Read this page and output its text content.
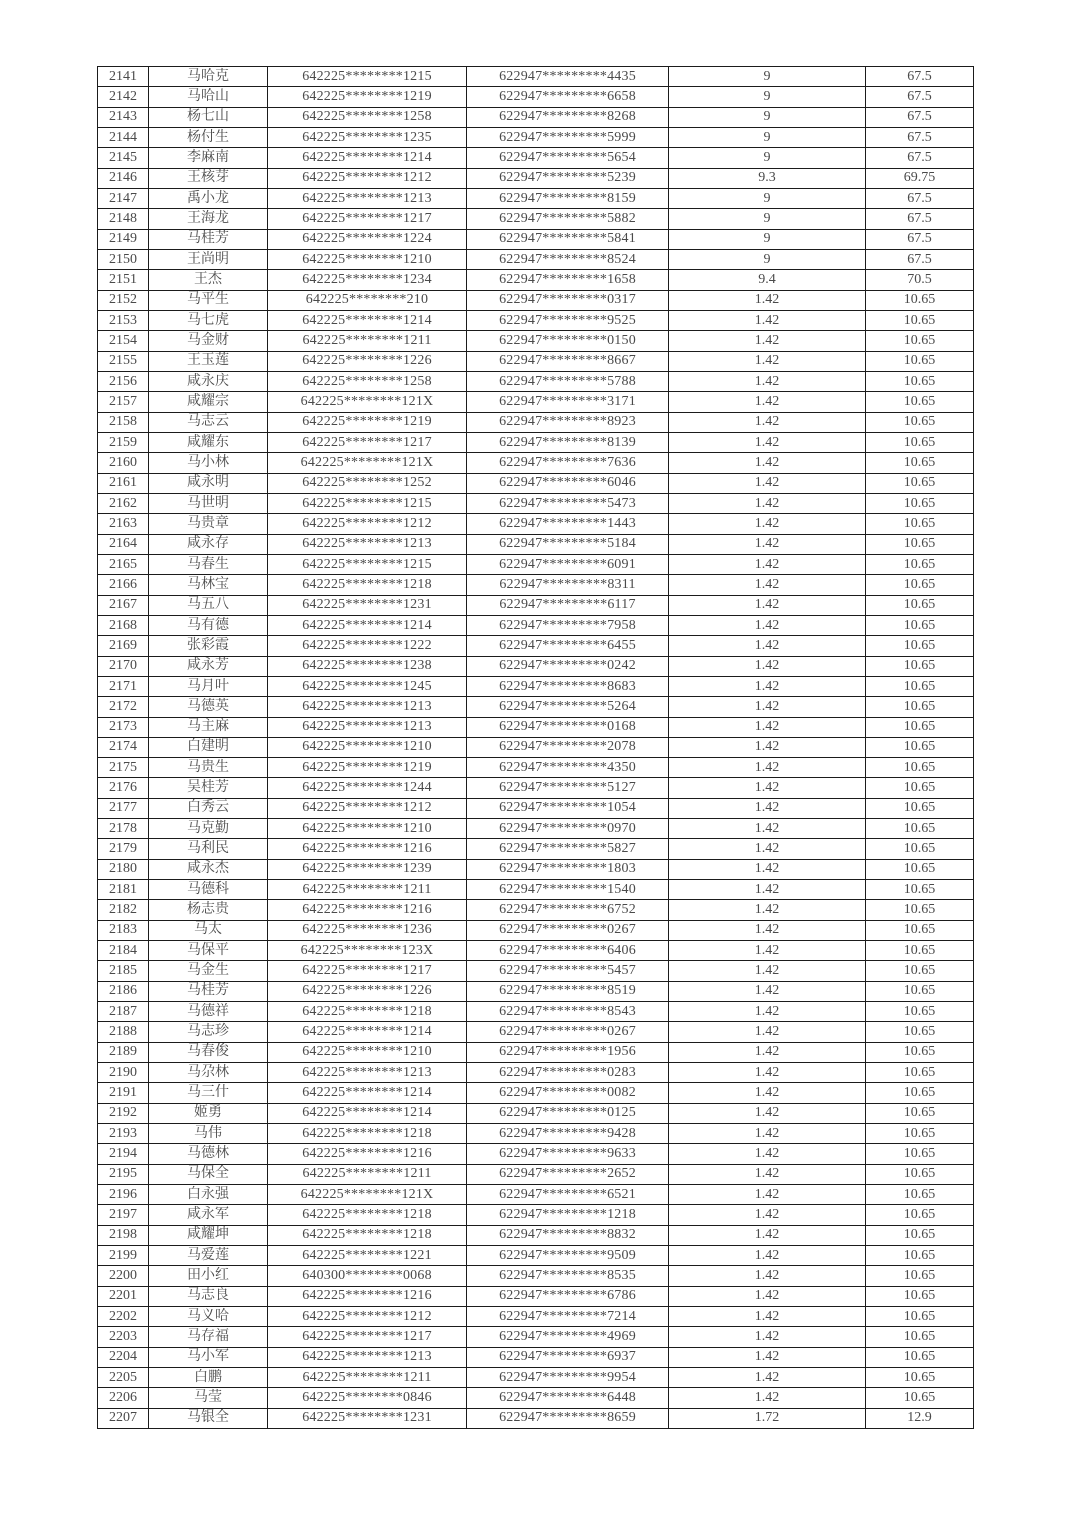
2141	马哈克	642225********1215	622947*********4435	9	67.5
2142	马哈山	642225********1219	622947*********6658	9	67.5
2143	杨七山	642225********1258	622947*********8268	9	67.5
2144	杨付生	642225********1235	622947*********5999	9	67.5
2145	李麻南	642225********1214	622947*********5654	9	67.5
2146	王核芽	642225********1212	622947*********5239	9.3	69.75
2147	禹小龙	642225********1213	622947*********8159	9	67.5
2148	王海龙	642225********1217	622947*********5882	9	67.5
2149	马桂芳	642225********1224	622947*********5841	9	67.5
2150	王尚明	642225********1210	622947*********8524	9	67.5
2151	王杰	642225********1234	622947*********1658	9.4	70.5
2152	马平生	642225********210	622947*********0317	1.42	10.65
2153	马七虎	642225********1214	622947*********9525	1.42	10.65
2154	马金财	642225********1211	622947*********0150	1.42	10.65
2155	王玉莲	642225********1226	622947*********8667	1.42	10.65
2156	咸永庆	642225********1258	622947*********5788	1.42	10.65
2157	咸耀宗	642225********121X	622947*********3171	1.42	10.65
2158	马志云	642225********1219	622947*********8923	1.42	10.65
2159	咸耀东	642225********1217	622947*********8139	1.42	10.65
2160	马小林	642225********121X	622947*********7636	1.42	10.65
2161	咸永明	642225********1252	622947*********6046	1.42	10.65
2162	马世明	642225********1215	622947*********5473	1.42	10.65
2163	马贵章	642225********1212	622947*********1443	1.42	10.65
2164	咸永存	642225********1213	622947*********5184	1.42	10.65
2165	马春生	642225********1215	622947*********6091	1.42	10.65
2166	马林宝	642225********1218	622947*********8311	1.42	10.65
2167	马五八	642225********1231	622947*********6117	1.42	10.65
2168	马有德	642225********1214	622947*********7958	1.42	10.65
2169	张彩霞	642225********1222	622947*********6455	1.42	10.65
2170	咸永芳	642225********1238	622947*********0242	1.42	10.65
2171	马月叶	642225********1245	622947*********8683	1.42	10.65
2172	马德英	642225********1213	622947*********5264	1.42	10.65
2173	马主麻	642225********1213	622947*********0168	1.42	10.65
2174	白建明	642225********1210	622947*********2078	1.42	10.65
2175	马贵生	642225********1219	622947*********4350	1.42	10.65
2176	吴桂芳	642225********1244	622947*********5127	1.42	10.65
2177	白秀云	642225********1212	622947*********1054	1.42	10.65
2178	马克勤	642225********1210	622947*********0970	1.42	10.65
2179	马利民	642225********1216	622947*********5827	1.42	10.65
2180	咸永杰	642225********1239	622947*********1803	1.42	10.65
2181	马德科	642225********1211	622947*********1540	1.42	10.65
2182	杨志贵	642225********1216	622947*********6752	1.42	10.65
2183	马太	642225********1236	622947*********0267	1.42	10.65
2184	马保平	642225********123X	622947*********6406	1.42	10.65
2185	马金生	642225********1217	622947*********5457	1.42	10.65
2186	马桂芳	642225********1226	622947*********8519	1.42	10.65
2187	马德祥	642225********1218	622947*********8543	1.42	10.65
2188	马志珍	642225********1214	622947*********0267	1.42	10.65
2189	马春俊	642225********1210	622947*********1956	1.42	10.65
2190	马尕林	642225********1213	622947*********0283	1.42	10.65
2191	马三什	642225********1214	622947*********0082	1.42	10.65
2192	姬勇	642225********1214	622947*********0125	1.42	10.65
2193	马伟	642225********1218	622947*********9428	1.42	10.65
2194	马德林	642225********1216	622947*********9633	1.42	10.65
2195	马保全	642225********1211	622947*********2652	1.42	10.65
2196	白永强	642225********121X	622947*********6521	1.42	10.65
2197	咸永军	642225********1218	622947*********1218	1.42	10.65
2198	咸耀坤	642225********1218	622947*********8832	1.42	10.65
2199	马爱莲	642225********1221	622947*********9509	1.42	10.65
2200	田小红	640300********0068	622947*********8535	1.42	10.65
2201	马志良	642225********1216	622947*********6786	1.42	10.65
2202	马义哈	642225********1212	622947*********7214	1.42	10.65
2203	马存福	642225********1217	622947*********4969	1.42	10.65
2204	马小军	642225********1213	622947*********6937	1.42	10.65
2205	白鹏	642225********1211	622947*********9954	1.42	10.65
2206	马莹	642225********0846	622947*********6448	1.42	10.65
2207	马银全	642225********1231	622947*********8659	1.72	12.9
